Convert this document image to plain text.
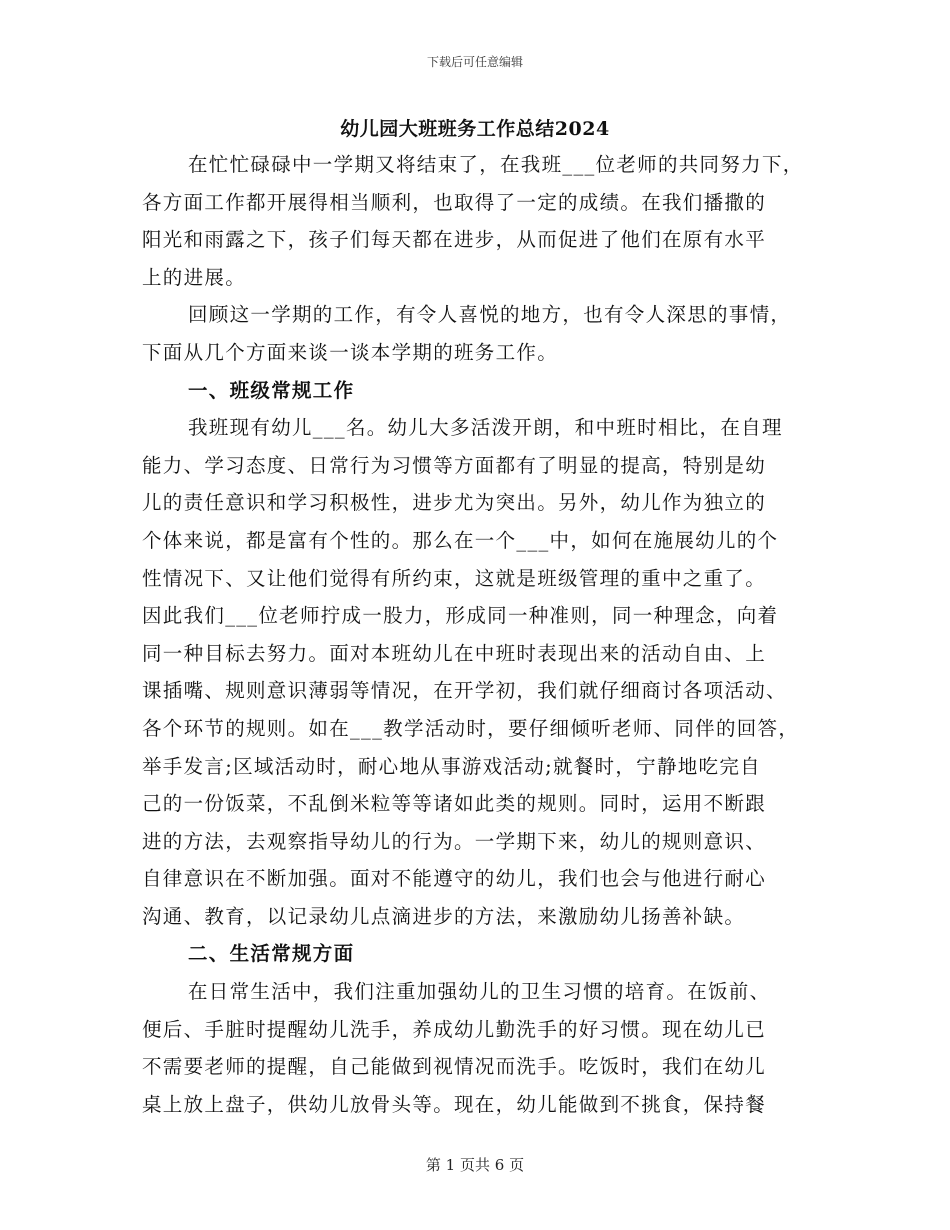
下载后可任意编辑
幼儿园大班班务工作总结2024
在忙忙碌碌中一学期又将结束了，在我班___位老师的共同努力下，
各方面工作都开展得相当顺利，也取得了一定的成绩。在我们播撒的
阳光和雨露之下，孩子们每天都在进步，从而促进了他们在原有水平
上的进展。
回顾这一学期的工作，有令人喜悦的地方，也有令人深思的事情，
下面从几个方面来谈一谈本学期的班务工作。
一、班级常规工作
我班现有幼儿___名。幼儿大多活泼开朗，和中班时相比，在自理
能力、学习态度、日常行为习惯等方面都有了明显的提高，特别是幼
儿的责任意识和学习积极性，进步尤为突出。另外，幼儿作为独立的
个体来说，都是富有个性的。那么在一个___中，如何在施展幼儿的个
性情况下、又让他们觉得有所约束，这就是班级管理的重中之重了。
因此我们___位老师拧成一股力，形成同一种准则，同一种理念，向着
同一种目标去努力。面对本班幼儿在中班时表现出来的活动自由、上
课插嘴、规则意识薄弱等情况，在开学初，我们就仔细商讨各项活动、
各个环节的规则。如在___教学活动时，要仔细倾听老师、同伴的回答，
举手发言;区域活动时，耐心地从事游戏活动;就餐时，宁静地吃完自
己的一份饭菜，不乱倒米粒等等诸如此类的规则。同时，运用不断跟
进的方法，去观察指导幼儿的行为。一学期下来，幼儿的规则意识、
自律意识在不断加强。面对不能遵守的幼儿，我们也会与他进行耐心
沟通、教育，以记录幼儿点滴进步的方法，来激励幼儿扬善补缺。
二、生活常规方面
在日常生活中，我们注重加强幼儿的卫生习惯的培育。在饭前、
便后、手脏时提醒幼儿洗手，养成幼儿勤洗手的好习惯。现在幼儿已
不需要老师的提醒，自己能做到视情况而洗手。吃饭时，我们在幼儿
桌上放上盘子，供幼儿放骨头等。现在，幼儿能做到不挑食，保持餐
第 1 页共 6 页
